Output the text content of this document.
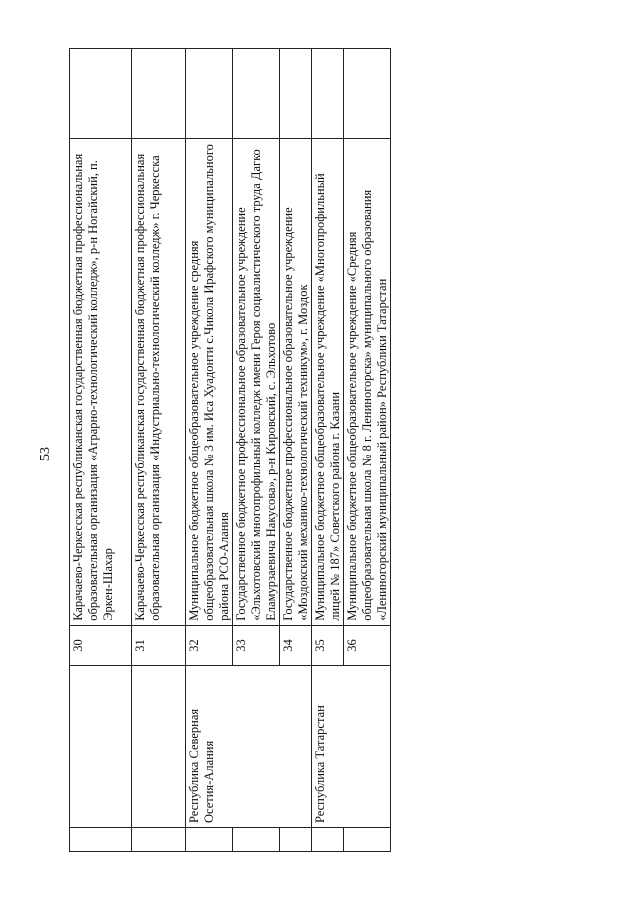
53
		30	Карачаево-Черкесская республиканская государственная бюджетная профессиональная образовательная организация «Аграрно-технологический колледж», р-н Ногайский, п. Эркен-Шахар	
		31	Карачаево-Черкесская республиканская государственная бюджетная профессиональная образовательная организация «Индустриально-технологический колледж» г. Черкесска	
	Республика Северная Осетия-Алания	32	Муниципальное бюджетное общеобразовательное учреждение средняя общеобразовательная школа № 3 им. Иса Хуадонти с.Чикола Ирафского муниципального района РСО-Алания	
		33	Государственное бюджетное профессиональное образовательное учреждение «Эльхотовский многопрофильный колледж имени Героя социалистического труда Дагко Еламурзаевича Накусова», р-н Кировский, с. Эльхотово	
		34	Государственное бюджетное профессиональное образовательное учреждение «Моздокский механико-технологический техникум», г. Моздок	
	Республика Татарстан	35	Муниципальное бюджетное общеобразовательное учреждение «Многопрофильный лицей № 187» Советского района г. Казани	
		36	Муниципальное бюджетное общеобразовательное учреждение «Средняя общеобразовательная школа № 8 г. Лениногорска» муниципального образования «Лениногорский муниципальный район» Республики Татарстан	
